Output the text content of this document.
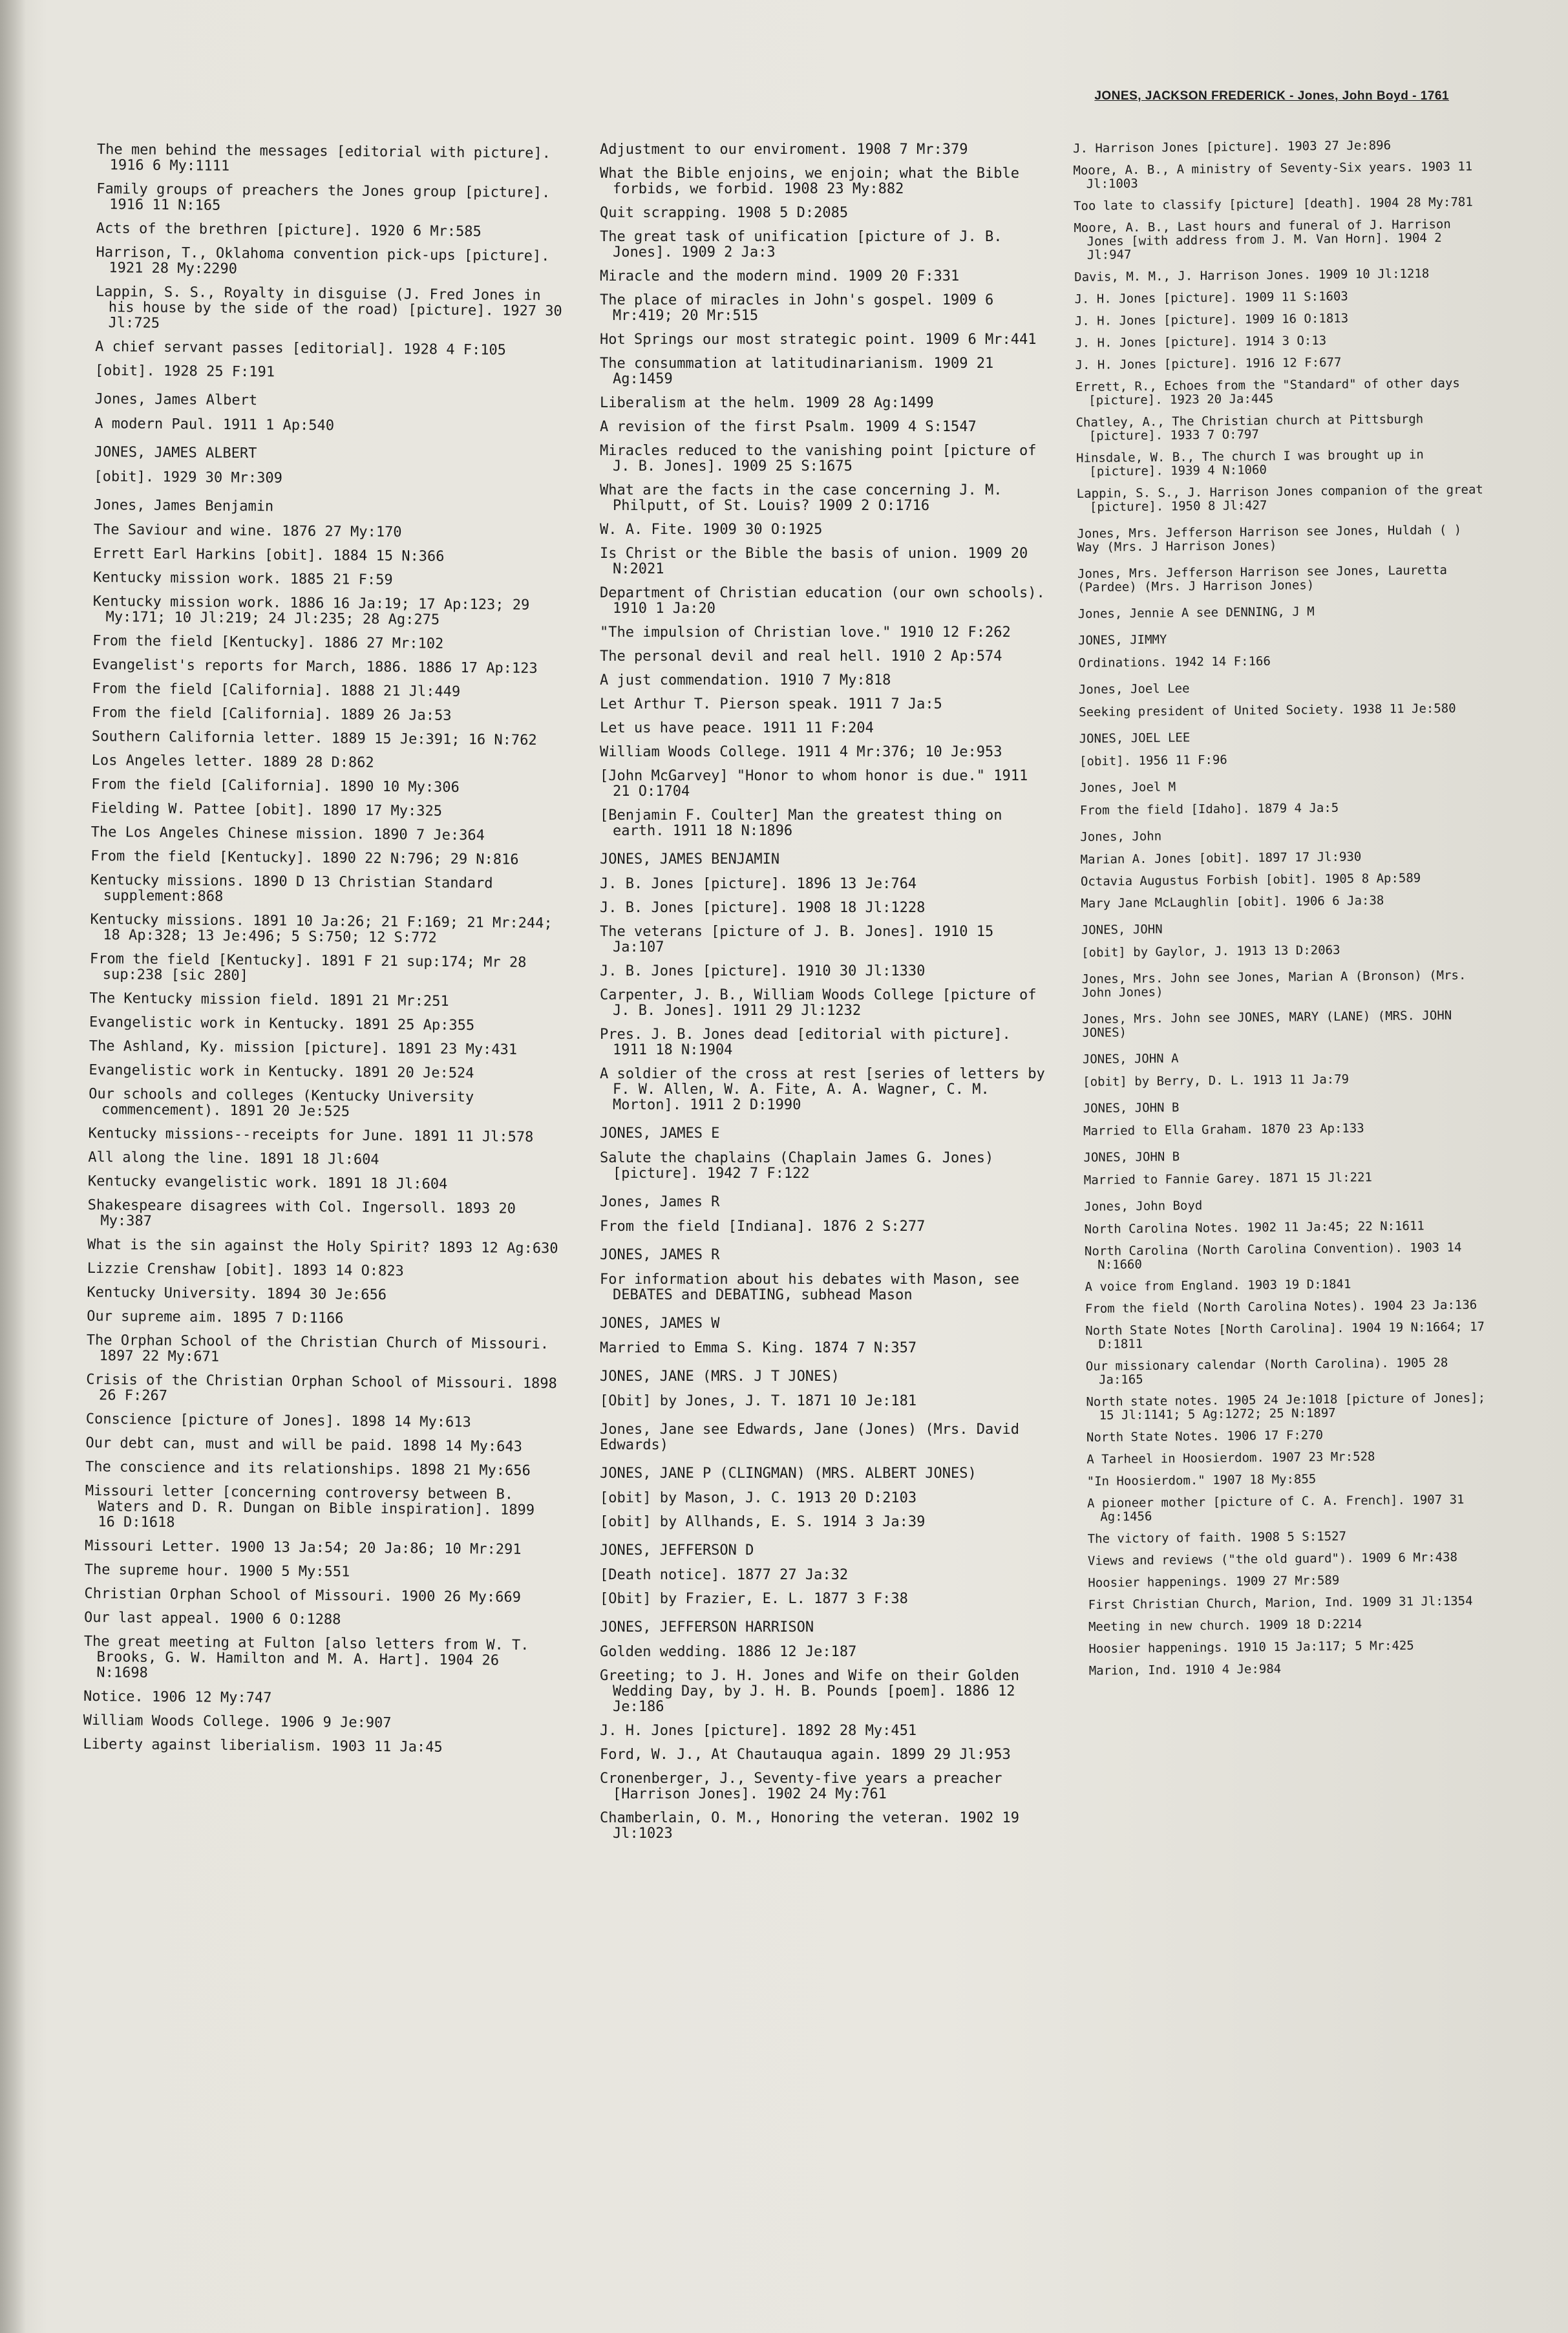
JONES, JACKSON FREDERICK - Jones, John Boyd - 1761
The men behind the messages [editorial with picture]. 1916 6 My:1111
Family groups of preachers the Jones group [picture]. 1916 11 N:165
Acts of the brethren [picture]. 1920 6 Mr:585
Harrison, T., Oklahoma convention pick-ups [picture]. 1921 28 My:2290
Lappin, S. S., Royalty in disguise (J. Fred Jones in his house by the side of the road) [picture]. 1927 30 Jl:725
A chief servant passes [editorial]. 1928 4 F:105
[obit]. 1928 25 F:191
Jones, James Albert
A modern Paul. 1911 1 Ap:540
JONES, JAMES ALBERT
[obit]. 1929 30 Mr:309
Jones, James Benjamin
The Saviour and wine. 1876 27 My:170
Errett Earl Harkins [obit]. 1884 15 N:366
Kentucky mission work. 1885 21 F:59
Kentucky mission work. 1886 16 Ja:19; 17 Ap:123; 29 My:171; 10 Jl:219; 24 Jl:235; 28 Ag:275
From the field [Kentucky]. 1886 27 Mr:102
Evangelist's reports for March, 1886. 1886 17 Ap:123
From the field [California]. 1888 21 Jl:449
From the field [California]. 1889 26 Ja:53
Southern California letter. 1889 15 Je:391; 16 N:762
Los Angeles letter. 1889 28 D:862
From the field [California]. 1890 10 My:306
Fielding W. Pattee [obit]. 1890 17 My:325
The Los Angeles Chinese mission. 1890 7 Je:364
From the field [Kentucky]. 1890 22 N:796; 29 N:816
Kentucky missions. 1890 D 13 Christian Standard supplement:868
Kentucky missions. 1891 10 Ja:26; 21 F:169; 21 Mr:244; 18 Ap:328; 13 Je:496; 5 S:750; 12 S:772
From the field [Kentucky]. 1891 F 21 sup:174; Mr 28 sup:238 [sic 280]
The Kentucky mission field. 1891 21 Mr:251
Evangelistic work in Kentucky. 1891 25 Ap:355
The Ashland, Ky. mission [picture]. 1891 23 My:431
Evangelistic work in Kentucky. 1891 20 Je:524
Our schools and colleges (Kentucky University commencement). 1891 20 Je:525
Kentucky missions--receipts for June. 1891 11 Jl:578
All along the line. 1891 18 Jl:604
Kentucky evangelistic work. 1891 18 Jl:604
Shakespeare disagrees with Col. Ingersoll. 1893 20 My:387
What is the sin against the Holy Spirit? 1893 12 Ag:630
Lizzie Crenshaw [obit]. 1893 14 O:823
Kentucky University. 1894 30 Je:656
Our supreme aim. 1895 7 D:1166
The Orphan School of the Christian Church of Missouri. 1897 22 My:671
Crisis of the Christian Orphan School of Missouri. 1898 26 F:267
Conscience [picture of Jones]. 1898 14 My:613
Our debt can, must and will be paid. 1898 14 My:643
The conscience and its relationships. 1898 21 My:656
Missouri letter [concerning controversy between B. Waters and D. R. Dungan on Bible inspiration]. 1899 16 D:1618
Missouri Letter. 1900 13 Ja:54; 20 Ja:86; 10 Mr:291
The supreme hour. 1900 5 My:551
Christian Orphan School of Missouri. 1900 26 My:669
Our last appeal. 1900 6 O:1288
The great meeting at Fulton [also letters from W. T. Brooks, G. W. Hamilton and M. A. Hart]. 1904 26 N:1698
Notice. 1906 12 My:747
William Woods College. 1906 9 Je:907
Liberty against liberialism. 1903 11 Ja:45
Adjustment to our enviroment. 1908 7 Mr:379
What the Bible enjoins, we enjoin; what the Bible forbids, we forbid. 1908 23 My:882
Quit scrapping. 1908 5 D:2085
The great task of unification [picture of J. B. Jones]. 1909 2 Ja:3
Miracle and the modern mind. 1909 20 F:331
The place of miracles in John's gospel. 1909 6 Mr:419; 20 Mr:515
Hot Springs our most strategic point. 1909 6 Mr:441
The consummation at latitudinarianism. 1909 21 Ag:1459
Liberalism at the helm. 1909 28 Ag:1499
A revision of the first Psalm. 1909 4 S:1547
Miracles reduced to the vanishing point [picture of J. B. Jones]. 1909 25 S:1675
What are the facts in the case concerning J. M. Philputt, of St. Louis? 1909 2 O:1716
W. A. Fite. 1909 30 O:1925
Is Christ or the Bible the basis of union. 1909 20 N:2021
Department of Christian education (our own schools). 1910 1 Ja:20
"The impulsion of Christian love." 1910 12 F:262
The personal devil and real hell. 1910 2 Ap:574
A just commendation. 1910 7 My:818
Let Arthur T. Pierson speak. 1911 7 Ja:5
Let us have peace. 1911 11 F:204
William Woods College. 1911 4 Mr:376; 10 Je:953
[John McGarvey] "Honor to whom honor is due." 1911 21 O:1704
[Benjamin F. Coulter] Man the greatest thing on earth. 1911 18 N:1896
JONES, JAMES BENJAMIN
J. B. Jones [picture]. 1896 13 Je:764
J. B. Jones [picture]. 1908 18 Jl:1228
The veterans [picture of J. B. Jones]. 1910 15 Ja:107
J. B. Jones [picture]. 1910 30 Jl:1330
Carpenter, J. B., William Woods College [picture of J. B. Jones]. 1911 29 Jl:1232
Pres. J. B. Jones dead [editorial with picture]. 1911 18 N:1904
A soldier of the cross at rest [series of letters by F. W. Allen, W. A. Fite, A. A. Wagner, C. M. Morton]. 1911 2 D:1990
JONES, JAMES E
Salute the chaplains (Chaplain James G. Jones) [picture]. 1942 7 F:122
Jones, James R
From the field [Indiana]. 1876 2 S:277
JONES, JAMES R
For information about his debates with Mason, see DEBATES and DEBATING, subhead Mason
JONES, JAMES W
Married to Emma S. King. 1874 7 N:357
JONES, JANE (MRS. J T JONES)
[Obit] by Jones, J. T. 1871 10 Je:181
Jones, Jane see Edwards, Jane (Jones) (Mrs. David Edwards)
JONES, JANE P (CLINGMAN) (MRS. ALBERT JONES)
[obit] by Mason, J. C. 1913 20 D:2103
[obit] by Allhands, E. S. 1914 3 Ja:39
JONES, JEFFERSON D
[Death notice]. 1877 27 Ja:32
[Obit] by Frazier, E. L. 1877 3 F:38
JONES, JEFFERSON HARRISON
Golden wedding. 1886 12 Je:187
Greeting; to J. H. Jones and Wife on their Golden Wedding Day, by J. H. B. Pounds [poem]. 1886 12 Je:186
J. H. Jones [picture]. 1892 28 My:451
Ford, W. J., At Chautauqua again. 1899 29 Jl:953
Cronenberger, J., Seventy-five years a preacher [Harrison Jones]. 1902 24 My:761
Chamberlain, O. M., Honoring the veteran. 1902 19 Jl:1023
J. Harrison Jones [picture]. 1903 27 Je:896
Moore, A. B., A ministry of Seventy-Six years. 1903 11 Jl:1003
Too late to classify [picture] [death]. 1904 28 My:781
Moore, A. B., Last hours and funeral of J. Harrison Jones [with address from J. M. Van Horn]. 1904 2 Jl:947
Davis, M. M., J. Harrison Jones. 1909 10 Jl:1218
J. H. Jones [picture]. 1909 11 S:1603
J. H. Jones [picture]. 1909 16 O:1813
J. H. Jones [picture]. 1914 3 O:13
J. H. Jones [picture]. 1916 12 F:677
Errett, R., Echoes from the "Standard" of other days [picture]. 1923 20 Ja:445
Chatley, A., The Christian church at Pittsburgh [picture]. 1933 7 O:797
Hinsdale, W. B., The church I was brought up in [picture]. 1939 4 N:1060
Lappin, S. S., J. Harrison Jones companion of the great [picture]. 1950 8 Jl:427
Jones, Mrs. Jefferson Harrison see Jones, Huldah ( ) Way (Mrs. J Harrison Jones)
Jones, Mrs. Jefferson Harrison see Jones, Lauretta (Pardee) (Mrs. J Harrison Jones)
Jones, Jennie A see DENNING, J M
JONES, JIMMY
Ordinations. 1942 14 F:166
Jones, Joel Lee
Seeking president of United Society. 1938 11 Je:580
JONES, JOEL LEE
[obit]. 1956 11 F:96
Jones, Joel M
From the field [Idaho]. 1879 4 Ja:5
Jones, John
Marian A. Jones [obit]. 1897 17 Jl:930
Octavia Augustus Forbish [obit]. 1905 8 Ap:589
Mary Jane McLaughlin [obit]. 1906 6 Ja:38
JONES, JOHN
[obit] by Gaylor, J. 1913 13 D:2063
Jones, Mrs. John see Jones, Marian A (Bronson) (Mrs. John Jones)
Jones, Mrs. John see JONES, MARY (LANE) (MRS. JOHN JONES)
JONES, JOHN A
[obit] by Berry, D. L. 1913 11 Ja:79
JONES, JOHN B
Married to Ella Graham. 1870 23 Ap:133
JONES, JOHN B
Married to Fannie Garey. 1871 15 Jl:221
Jones, John Boyd
North Carolina Notes. 1902 11 Ja:45; 22 N:1611
North Carolina (North Carolina Convention). 1903 14 N:1660
A voice from England. 1903 19 D:1841
From the field (North Carolina Notes). 1904 23 Ja:136
North State Notes [North Carolina]. 1904 19 N:1664; 17 D:1811
Our missionary calendar (North Carolina). 1905 28 Ja:165
North state notes. 1905 24 Je:1018 [picture of Jones]; 15 Jl:1141; 5 Ag:1272; 25 N:1897
North State Notes. 1906 17 F:270
A Tarheel in Hoosierdom. 1907 23 Mr:528
"In Hoosierdom." 1907 18 My:855
A pioneer mother [picture of C. A. French]. 1907 31 Ag:1456
The victory of faith. 1908 5 S:1527
Views and reviews ("the old guard"). 1909 6 Mr:438
Hoosier happenings. 1909 27 Mr:589
First Christian Church, Marion, Ind. 1909 31 Jl:1354
Meeting in new church. 1909 18 D:2214
Hoosier happenings. 1910 15 Ja:117; 5 Mr:425
Marion, Ind. 1910 4 Je:984
